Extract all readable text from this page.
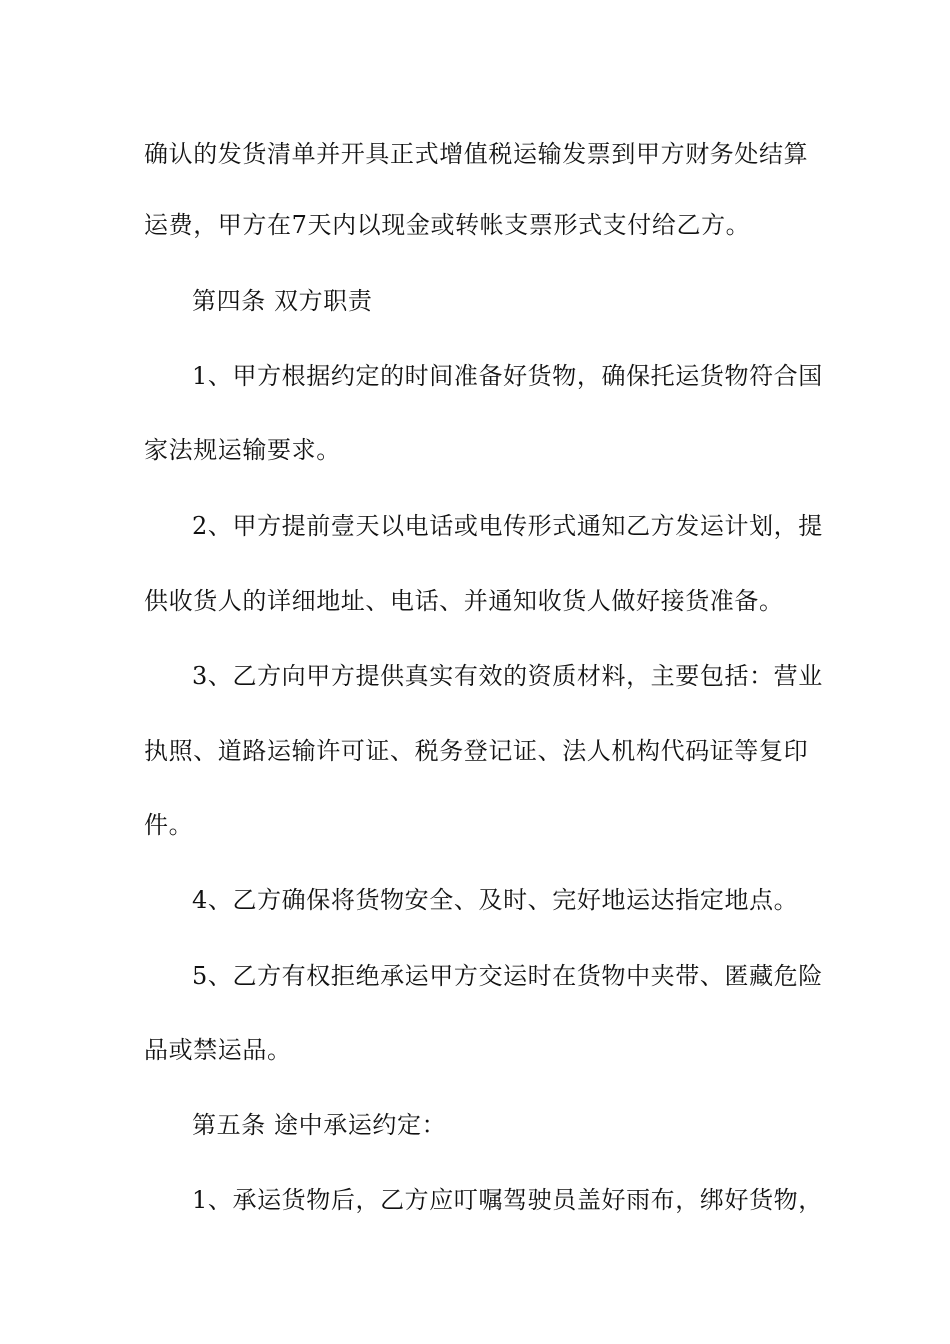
确认的发货清单并开具正式增值税运输发票到甲方财务处结算
运费，甲方在7天内以现金或转帐支票形式支付给乙方。
第四条 双方职责
1、甲方根据约定的时间准备好货物，确保托运货物符合国
家法规运输要求。
2、甲方提前壹天以电话或电传形式通知乙方发运计划，提
供收货人的详细地址、电话、并通知收货人做好接货准备。
3、乙方向甲方提供真实有效的资质材料，主要包括：营业
执照、道路运输许可证、税务登记证、法人机构代码证等复印
件。
4、乙方确保将货物安全、及时、完好地运达指定地点。
5、乙方有权拒绝承运甲方交运时在货物中夹带、匿藏危险
品或禁运品。
第五条 途中承运约定：
1、承运货物后，乙方应叮嘱驾驶员盖好雨布，绑好货物，
